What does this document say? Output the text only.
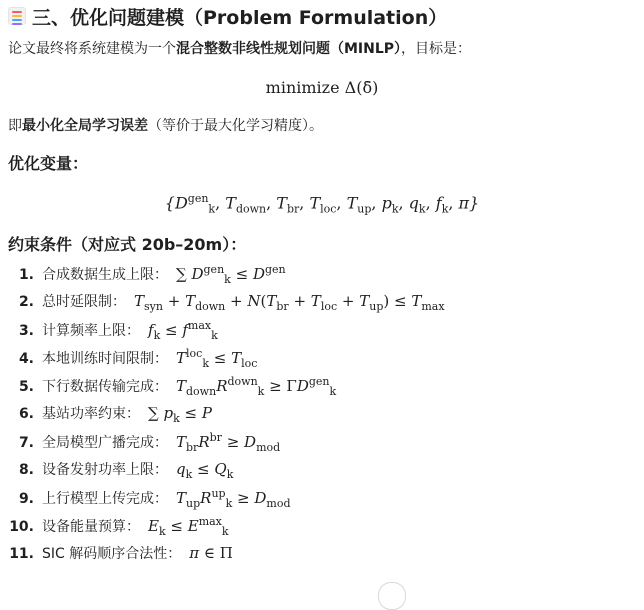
三、优化问题建模（Problem Formulation）
论文最终将系统建模为一个混合整数非线性规划问题（MINLP），目标是：
minimize Δ(δ̄)
即最小化全局学习误差（等价于最大化学习精度）。
优化变量：
{$D^{gen}_k$, $T_{down}$, $T_{br}$, $T_{loc}$, $T_{up}$, $p_k$, $q_k$, $f_k$, π}
约束条件（对应式 20b–20m）：
1. 合成数据生成上限： ∑ $D^{gen}_k \le D^{gen}$
2. 总时延限制： $T_{syn} + T_{down} + N(T_{br} + T_{loc} + T_{up}) \le T_{max}$
3. 计算频率上限： $f_k \le f^{max}_k$
4. 本地训练时间限制： $T^{loc}_k \le T_{loc}$
5. 下行数据传输完成： $T_{down}R^{down}_k \ge \Gamma D^{gen}_k$
6. 基站功率约束： ∑ $p_k \le P$
7. 全局模型广播完成： $T_{br}R^{br} \ge D_{mod}$
8. 设备发射功率上限： $q_k \le Q_k$
9. 上行模型上传完成： $T_{up}R^{up}_k \ge D_{mod}$
10. 设备能量预算： $E_k \le E^{max}_k$
11. SIC 解码顺序合法性： π ∈ Π
